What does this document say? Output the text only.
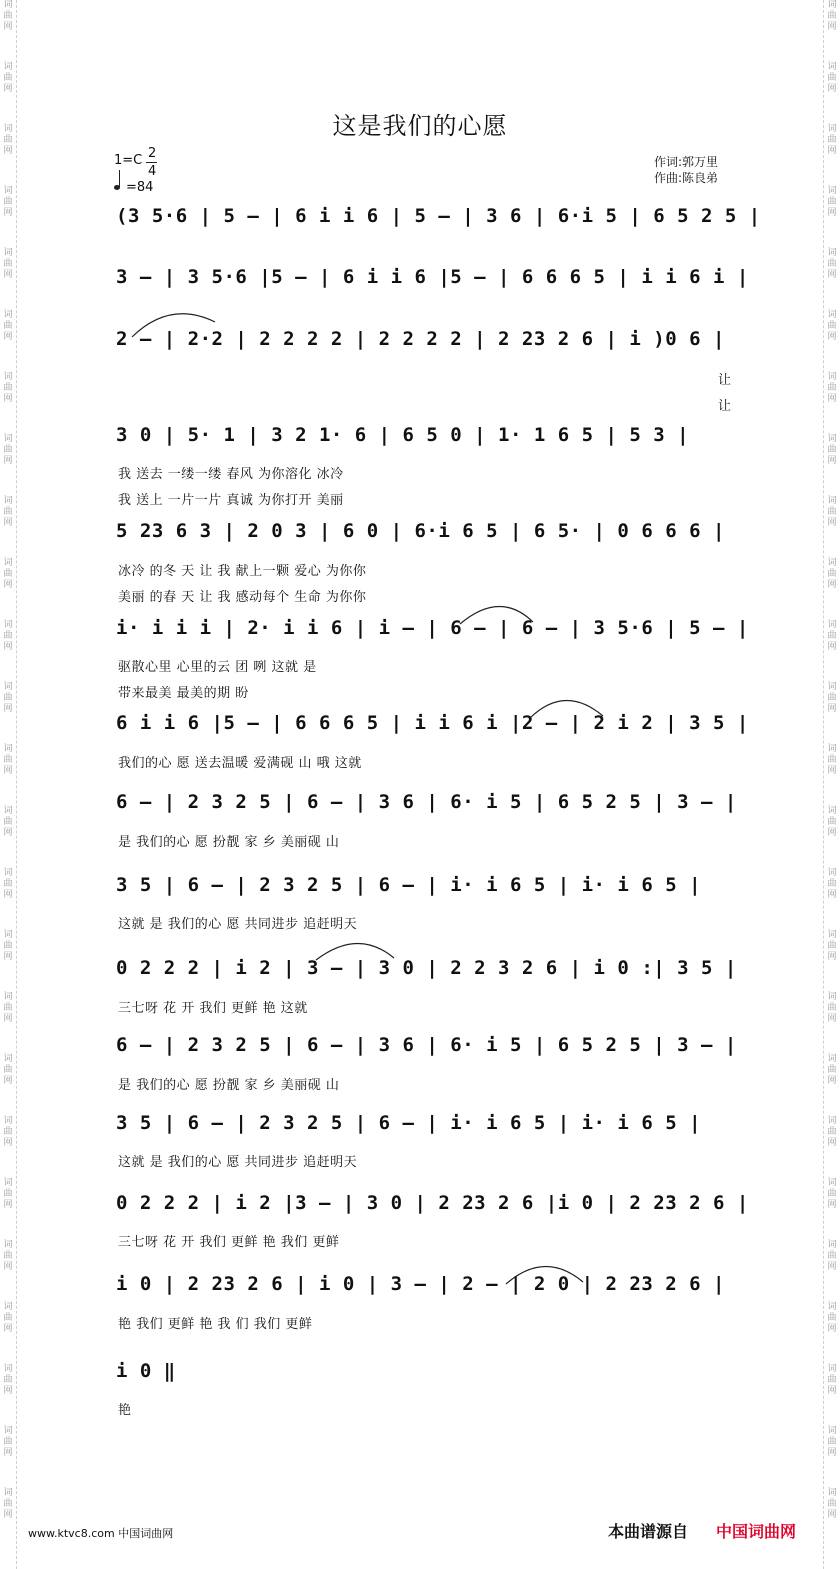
词
曲
网
词
曲
网
词
曲
网
词
曲
网
词
曲
网
词
曲
网
词
曲
网
词
曲
网
词
曲
网
词
曲
网
词
曲
网
词
曲
网
词
曲
网
词
曲
网
词
曲
网
词
曲
网
词
曲
网
词
曲
网
词
曲
网
词
曲
网
词
曲
网
词
曲
网
词
曲
网
词
曲
网
词
曲
网
词
曲
网
词
曲
网
词
曲
网
词
曲
网
词
曲
网
词
曲
网
词
曲
网
词
曲
网
词
曲
网
词
曲
网
词
曲
网
词
曲
网
词
曲
网
词
曲
网
词
曲
网
词
曲
网
词
曲
网
词
曲
网
词
曲
网
词
曲
网
词
曲
网
词
曲
网
词
曲
网
词
曲
网
词
曲
网
这是我们的心愿
1=C 2
4
=84
作词:郭万里
作曲:陈良弟
(3 5·6 | 5 – | 6 i i 6 | 5 – | 3 6 | 6·i 5 | 6 5 2 5 |
3 – | 3 5·6 |5 – | 6 i i 6 |5 – | 6 6 6 5 | i i 6 i |
2 – | 2·2 | 2 2 2 2 | 2 2 2 2 | 2 23 2 6 | i )0 6 |
让
让
3 0 | 5· 1 | 3 2 1· 6 | 6 5 0 | 1· 1 6 5 | 5 3 |
我 送去 一缕一缕 春风 为你溶化 冰冷
我 送上 一片一片 真诚 为你打开 美丽
5 23 6 3 | 2 0 3 | 6 0 | 6·i 6 5 | 6 5· | 0 6 6 6 |
冰冷 的冬 天 让 我 献上一颗 爱心 为你你
美丽 的春 天 让 我 感动每个 生命 为你你
i· i i i | 2· i i 6 | i – | 6 – | 6 – | 3 5·6 | 5 – |
驱散心里 心里的云 团 咧 这就 是
带来最美 最美的期 盼
6 i i 6 |5 – | 6 6 6 5 | i i 6 i |2 – | 2 i 2 | 3 5 |
我们的心 愿 送去温暖 爱满砚 山 哦 这就
6 – | 2 3 2 5 | 6 – | 3 6 | 6· i 5 | 6 5 2 5 | 3 – |
是 我们的心 愿 扮靓 家 乡 美丽砚 山
3 5 | 6 – | 2 3 2 5 | 6 – | i· i 6 5 | i· i 6 5 |
这就 是 我们的心 愿 共同进步 追赶明天
0 2 2 2 | i 2 | 3 – | 3 0 | 2 2 3 2 6 | i 0 :| 3 5 |
三七呀 花 开 我们 更鲜 艳 这就
6 – | 2 3 2 5 | 6 – | 3 6 | 6· i 5 | 6 5 2 5 | 3 – |
是 我们的心 愿 扮靓 家 乡 美丽砚 山
3 5 | 6 – | 2 3 2 5 | 6 – | i· i 6 5 | i· i 6 5 |
这就 是 我们的心 愿 共同进步 追赶明天
0 2 2 2 | i 2 |3 – | 3 0 | 2 23 2 6 |i 0 | 2 23 2 6 |
三七呀 花 开 我们 更鲜 艳 我们 更鲜
i 0 | 2 23 2 6 | i 0 | 3 – | 2 – | 2 0 | 2 23 2 6 |
艳 我们 更鲜 艳 我 们 我们 更鲜
i 0 ‖
艳
www.ktvc8.com 中国词曲网	本曲谱源自 中国词曲网
